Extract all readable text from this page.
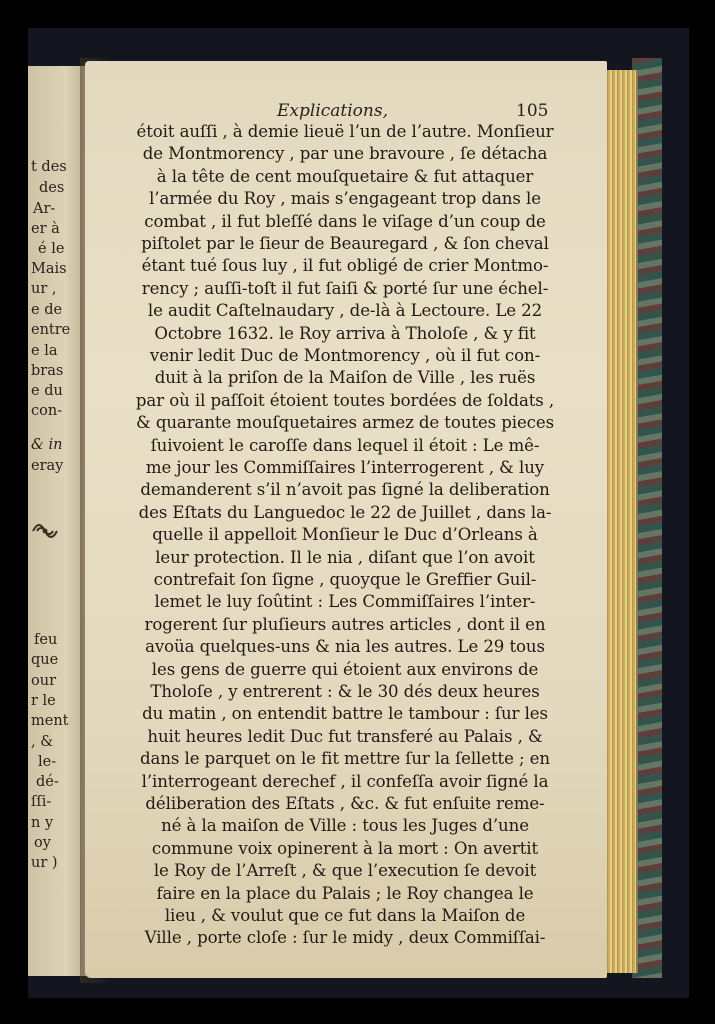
t des
des
Ar-
er à
é le
Mais
ur ,
e de
entre
e la
bras
e du
con-
& in
eray
feu
que
our
r le
ment
, &
le-
dé-
ſſi-
n y
oy
ur )
Explications,	105
étoit auſſi , à demie lieuë l’un de l’autre. Monſieur
de Montmorency , par une bravoure , ſe détacha
à la tête de cent mouſquetaire & fut attaquer
l’armée du Roy , mais s’engageant trop dans le
combat , il fut bleſſé dans le viſage d’un coup de
piſtolet par le ſieur de Beauregard , & ſon cheval
étant tué ſous luy , il fut obligé de crier Montmo-
rency ; auſſi-toſt il fut ſaiſi & porté ſur une échel-
le audit Caſtelnaudary , de-là à Lectoure. Le 22
Octobre 1632. le Roy arriva à Tholoſe , & y fit
venir ledit Duc de Montmorency , où il fut con-
duit à la priſon de la Maiſon de Ville , les ruës
par où il paſſoit étoient toutes bordées de ſoldats ,
& quarante mouſquetaires armez de toutes pieces
ſuivoient le caroſſe dans lequel il étoit : Le mê-
me jour les Commiſſaires l’interrogerent , & luy
demanderent s’il n’avoit pas ſigné la deliberation
des Eſtats du Languedoc le 22 de Juillet , dans la-
quelle il appelloit Monſieur le Duc d’Orleans à
leur protection. Il le nia , diſant que l’on avoit
contrefait ſon ſigne , quoyque le Greffier Guil-
lemet le luy ſoûtint : Les Commiſſaires l’inter-
rogerent ſur pluſieurs autres articles , dont il en
avoüa quelques-uns & nia les autres. Le 29 tous
les gens de guerre qui étoient aux environs de
Tholoſe , y entrerent : & le 30 dés deux heures
du matin , on entendit battre le tambour : ſur les
huit heures ledit Duc fut transferé au Palais , &
dans le parquet on le fit mettre ſur la ſellette ; en
l’interrogeant derechef , il confeſſa avoir ſigné la
déliberation des Eſtats , &c. & fut enſuite reme-
né à la maiſon de Ville : tous les Juges d’une
commune voix opinerent à la mort : On avertit
le Roy de l’Arreſt , & que l’execution ſe devoit
faire en la place du Palais ; le Roy changea le
lieu , & voulut que ce fut dans la Maiſon de
Ville , porte cloſe : ſur le midy , deux Commiſſai-
